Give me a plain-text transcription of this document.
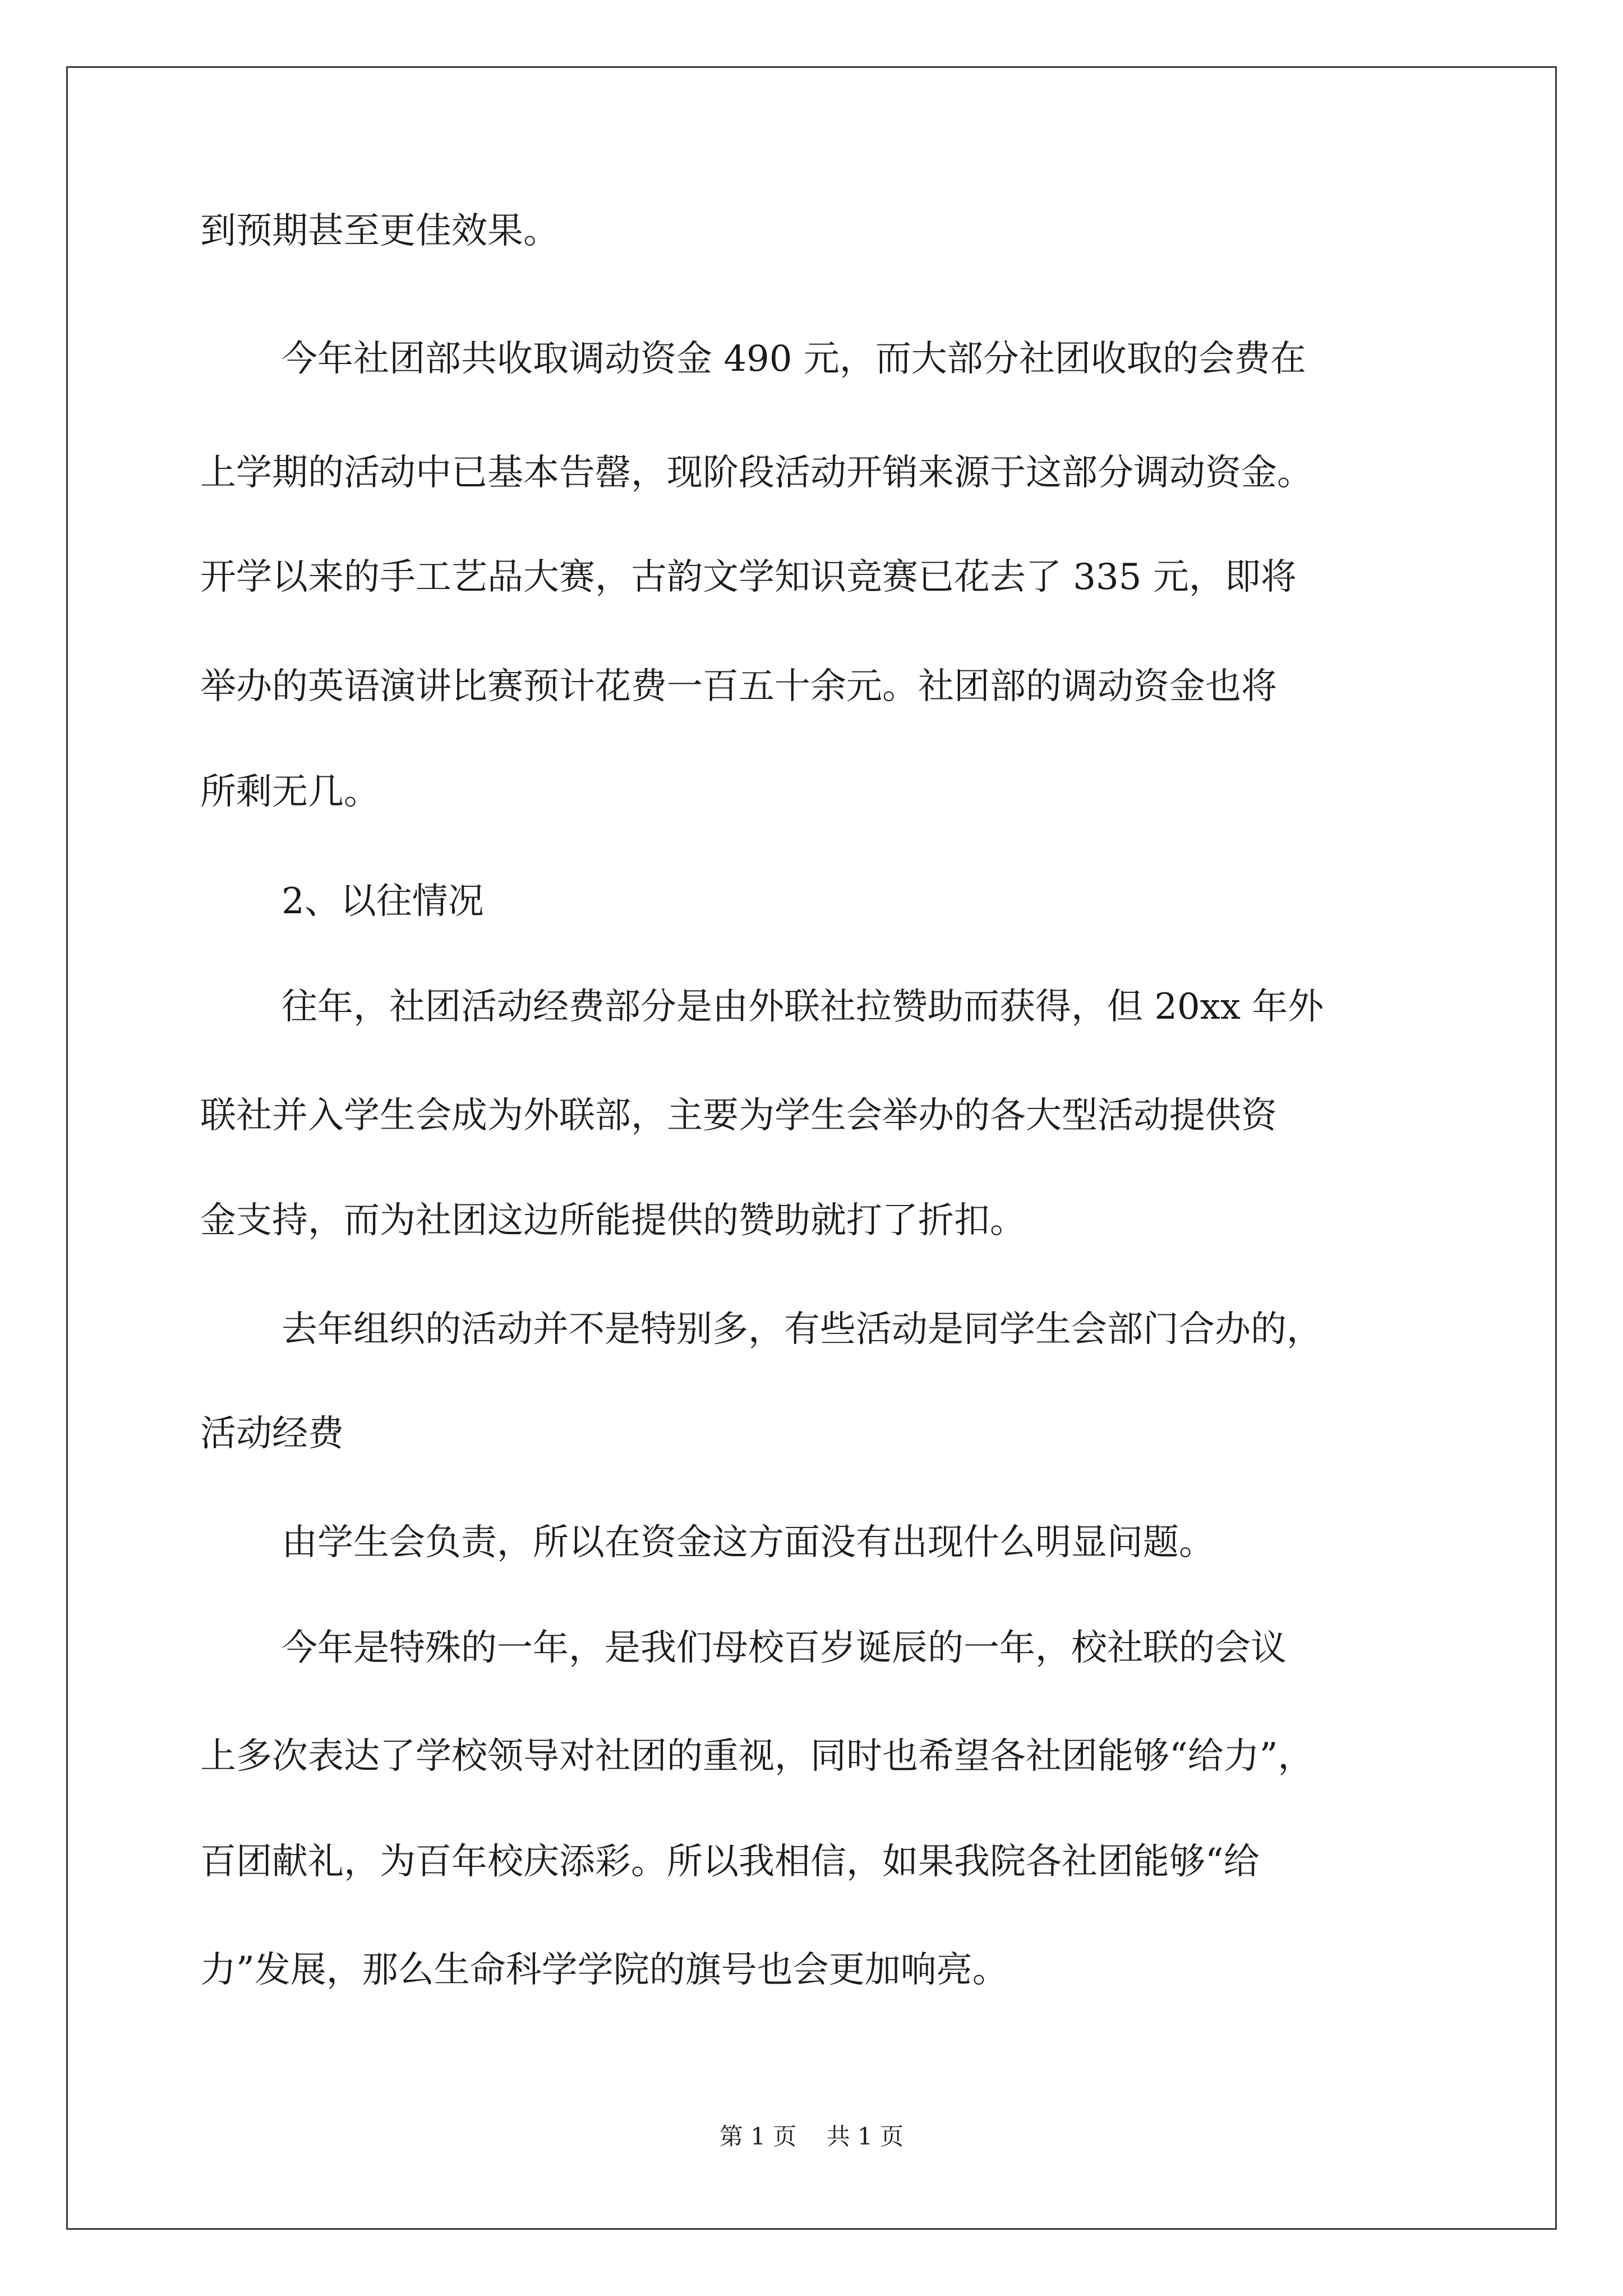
到预期甚至更佳效果。

今年社团部共收取调动资金 490 元，而大部分社团收取的会费在

上学期的活动中已基本告罄，现阶段活动开销来源于这部分调动资金。

开学以来的手工艺品大赛，古韵文学知识竞赛已花去了 335 元，即将

举办的英语演讲比赛预计花费一百五十余元。社团部的调动资金也将

所剩无几。

2、以往情况

往年，社团活动经费部分是由外联社拉赞助而获得，但 20xx 年外

联社并入学生会成为外联部，主要为学生会举办的各大型活动提供资

金支持，而为社团这边所能提供的赞助就打了折扣。

去年组织的活动并不是特别多，有些活动是同学生会部门合办的，

活动经费

由学生会负责，所以在资金这方面没有出现什么明显问题。

今年是特殊的一年，是我们母校百岁诞辰的一年，校社联的会议

上多次表达了学校领导对社团的重视，同时也希望各社团能够“给力”，

百团献礼，为百年校庆添彩。所以我相信，如果我院各社团能够“给

力”发展，那么生命科学学院的旗号也会更加响亮。

第 1 页    共 1 页
